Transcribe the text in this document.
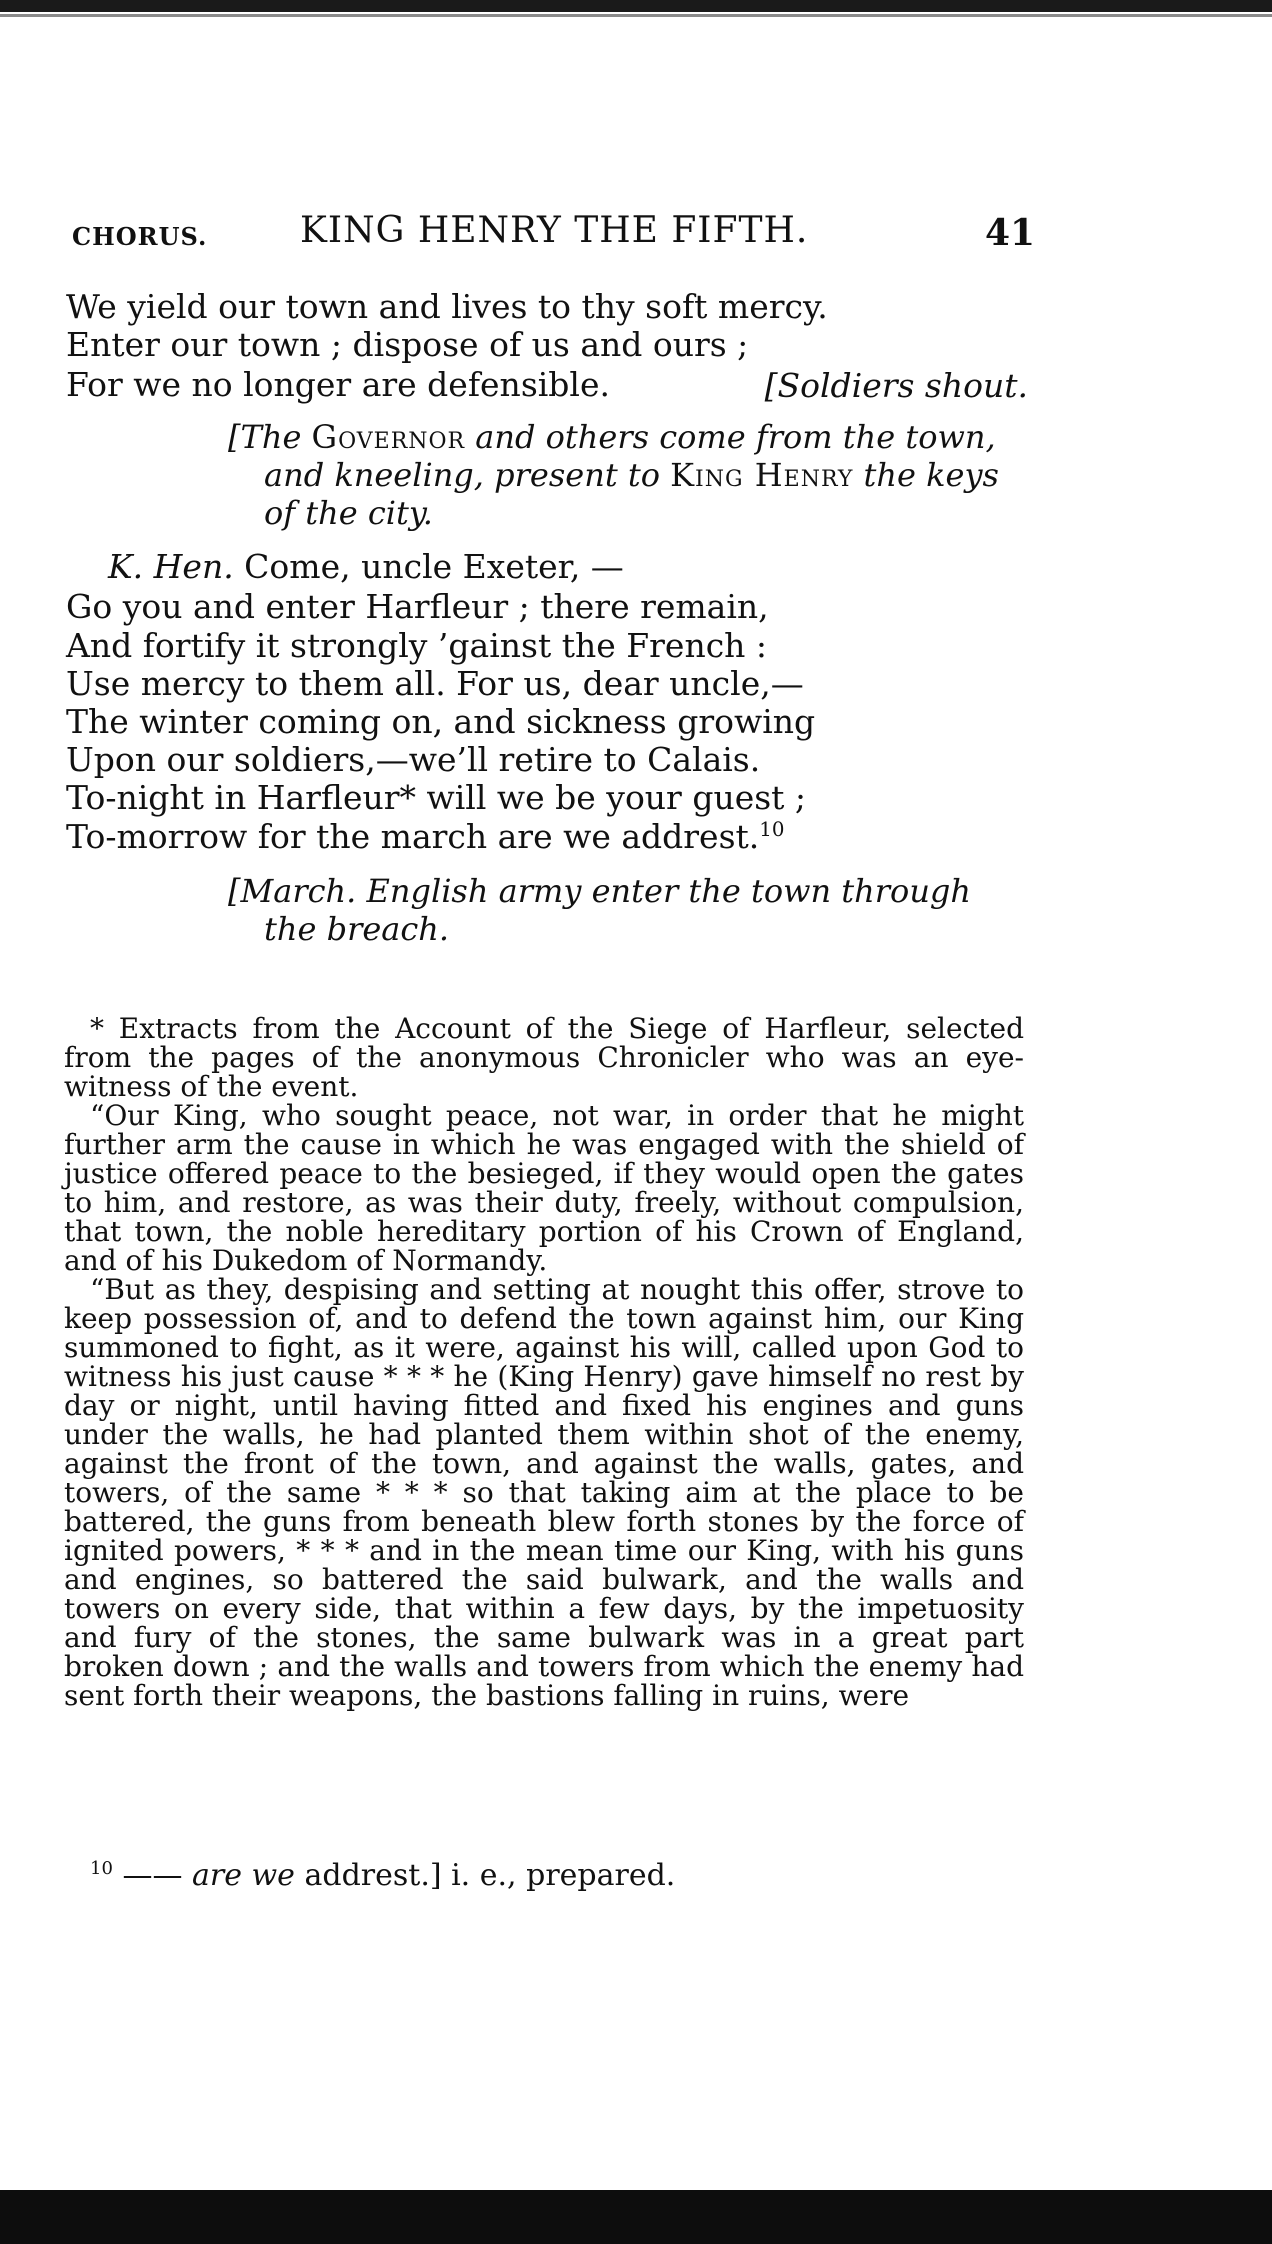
CHORUS.	KING HENRY THE FIFTH.	41
We yield our town and lives to thy soft mercy.
Enter our town ; dispose of us and ours ;
For we no longer are defensible.	[Soldiers shout.
[The Governor and others come from the town,
and kneeling, present to King Henry the keys
of the city.
K. Hen. Come, uncle Exeter, —
Go you and enter Harfleur ; there remain,
And fortify it strongly ’gainst the French :
Use mercy to them all. For us, dear uncle,—
The winter coming on, and sickness growing
Upon our soldiers,—we’ll retire to Calais.
To-night in Harfleur* will we be your guest ;
To-morrow for the march are we addrest.$^{10}$
[March. English army enter the town through
the breach.

* Extracts from the Account of the Siege of Harfleur, selected from the pages of the anonymous Chronicler who was an eye-witness of the event.

“Our King, who sought peace, not war, in order that he might further arm the cause in which he was engaged with the shield of justice offered peace to the besieged, if they would open the gates to him, and restore, as was their duty, freely, without compulsion, that town, the noble hereditary portion of his Crown of England, and of his Dukedom of Normandy.

“But as they, despising and setting at nought this offer, strove to keep possession of, and to defend the town against him, our King summoned to fight, as it were, against his will, called upon God to witness his just cause * * * he (King Henry) gave himself no rest by day or night, until having fitted and fixed his engines and guns under the walls, he had planted them within shot of the enemy, against the front of the town, and against the walls, gates, and towers, of the same * * * so that taking aim at the place to be battered, the guns from beneath blew forth stones by the force of ignited powers, * * * and in the mean time our King, with his guns and engines, so battered the said bulwark, and the walls and towers on every side, that within a few days, by the impetuosity and fury of the stones, the same bulwark was in a great part broken down ; and the walls and towers from which the enemy had sent forth their weapons, the bastions falling in ruins, were

$^{10}$ —— are we addrest.] i. e., prepared.
